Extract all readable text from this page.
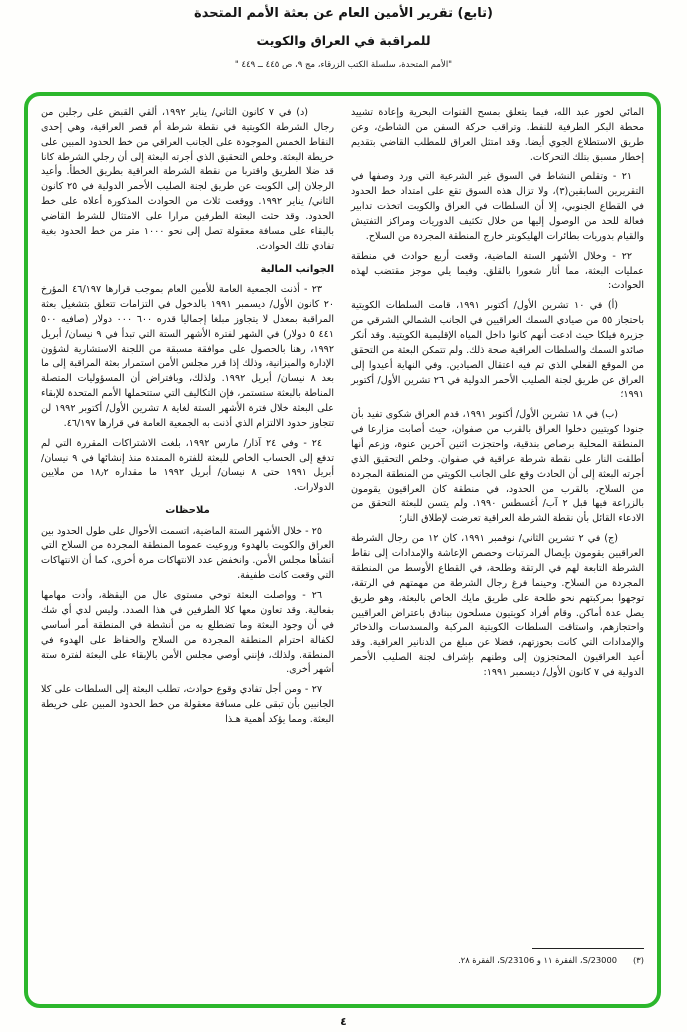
(تابع) تقرير الأمين العام عن بعثة الأمم المتحدة
للمراقبة في العراق والكويت
"الأمم المتحدة، سلسلة الكتب الزرقاء، مج ٩، ص ٤٤٥ ــ ٤٤٩ "

المائي لخور عبد الله، فيما يتعلق بمسح القنوات البحرية وإعادة تشييد محطة البكر الطرفية للنفط. وتراقب حركة السفن من الشاطئ، وعن طريق الاستطلاع الجوي أيضا. وقد امتثل العراق للمطلب القاضي بتقديم إخطار مسبق بتلك التحركات.

٢١ - وتقلص النشاط في السوق غير الشرعية التي ورد وصفها في التقريرين السابقين(٣)، ولا تزال هذه السوق تقع على امتداد خط الحدود في القطاع الجنوبي، إلا أن السلطات في العراق والكويت اتخذت تدابير فعالة للحد من الوصول إليها من خلال تكثيف الدوريات ومراكز التفتيش والقيام بدوريات بطائرات الهليكوبتر خارج المنطقة المجردة من السلاح.

٢٢ - وخلال الأشهر الستة الماضية، وقعت أربع حوادث في منطقة عمليات البعثة، مما أثار شعورا بالقلق. وفيما يلي موجز مقتضب لهذه الحوادث:

(أ) في ١٠ تشرين الأول/ أكتوبر ١٩٩١، قامت السلطات الكويتية باحتجاز ٥٥ من صيادي السمك العراقيين في الجانب الشمالي الشرقي من جزيرة فيلكا حيث ادعت أنهم كانوا داخل المياه الإقليمية الكويتية. وقد أنكر صائدو السمك والسلطات العراقية صحة ذلك. ولم تتمكن البعثة من التحقق من الموقع الفعلي الذي تم فيه اعتقال الصيادين. وفي النهاية أعيدوا إلى العراق عن طريق لجنة الصليب الأحمر الدولية في ٢٦ تشرين الأول/ أكتوبر ١٩٩١؛

(ب) في ١٨ تشرين الأول/ أكتوبر ١٩٩١، قدم العراق شكوى تفيد بأن جنودا كويتيين دخلوا العراق بالقرب من صفوان، حيث أصابت مزارعا في المنطقة المحلية برصاص بندقية، واحتجزت اثنين آخرين عنوة، وزعم أنها أطلقت النار على نقطة شرطة عراقية في صفوان. وخلص التحقيق الذي أجرته البعثة إلى أن الحادث وقع على الجانب الكويتي من المنطقة المجردة من السلاح، بالقرب من الحدود، في منطقة كان العراقيون يقومون بالزراعة فيها قبل ٢ آب/ أغسطس ١٩٩٠. ولم يتسن للبعثة التحقق من الادعاء القائل بأن نقطة الشرطة العراقية تعرضت لإطلاق النار؛

(ج) في ٢ تشرين الثاني/ نوفمبر ١٩٩١، كان ١٢ من رجال الشرطة العراقيين يقومون بإيصال المرتبات وحصص الإعاشة والإمدادات إلى نقاط الشرطة التابعة لهم في الرتقة وطلحة، في القطاع الأوسط من المنطقة المجردة من السلاح. وحينما فرغ رجال الشرطة من مهمتهم في الرتقة، توجهوا بمركبتهم نحو طلحة على طريق مايك الخاص بالبعثة، وهو طريق يصل عدة أماكن. وقام أفراد كويتيون مسلحون ببنادق باعتراض العراقيين واحتجازهم، واستاقت السلطات الكويتية المركبة والمسدسات والذخائر والإمدادات التي كانت بحوزتهم، فضلا عن مبلغ من الدنانير العراقية. وقد أعيد العراقيون المحتجزون إلى وطنهم بإشراف لجنة الصليب الأحمر الدولية في ٧ كانون الأول/ ديسمبر ١٩٩١:

(٣)
S/23000، الفقرة ١١ و S/23106، الفقرة ٢٨.

(د) في ٧ كانون الثاني/ يناير ١٩٩٢، ألقي القبض على رجلين من رجال الشرطة الكويتية في نقطة شرطة أم قصر العراقية، وهي إحدى النقاط الخمس الموجودة على الجانب العراقي من خط الحدود المبين على خريطة البعثة. وخلص التحقيق الذي أجرته البعثة إلى أن رجلي الشرطة كانا قد ضلا الطريق واقتربا من نقطة الشرطة العراقية بطريق الخطأ. وأعيد الرجلان إلى الكويت عن طريق لجنة الصليب الأحمر الدولية في ٢٥ كانون الثاني/ يناير ١٩٩٢. ووقعت ثلاث من الحوادث المذكورة أعلاه على خط الحدود. وقد حثت البعثة الطرفين مرارا على الامتثال للشرط القاضي بالبقاء على مسافة معقولة تصل إلى نحو ١٠٠٠ متر من خط الحدود بغية تفادي تلك الحوادث.

الجوانب المالية

٢٣ - أذنت الجمعية العامة للأمين العام بموجب قرارها ٤٦/١٩٧ المؤرخ ٢٠ كانون الأول/ ديسمبر ١٩٩١ بالدخول في التزامات تتعلق بتشغيل بعثة المراقبة بمعدل لا يتجاوز مبلغا إجماليا قدره ٦٠٠ ٠٠٠ دولار (صافيه ٥٠٠ ٤٤١ ٥ دولار) في الشهر لفترة الأشهر الستة التي تبدأ في ٩ نيسان/ أبريل ١٩٩٢، رهنا بالحصول على موافقة مسبقة من اللجنة الاستشارية لشؤون الإدارة والميزانية، وذلك إذا قرر مجلس الأمن استمرار بعثة المراقبة إلى ما بعد ٨ نيسان/ أبريل ١٩٩٢. ولذلك، وبافتراض أن المسؤوليات المتصلة المناطة بالبعثة ستستمر، فإن التكاليف التي ستتحملها الأمم المتحدة للإبقاء على البعثة خلال فترة الأشهر الستة لغاية ٨ تشرين الأول/ أكتوبر ١٩٩٢ لن تتجاوز حدود الالتزام الذي أذنت به الجمعية العامة في قرارها ٤٦/١٩٧.

٢٤ - وفي ٢٤ آذار/ مارس ١٩٩٢، بلغت الاشتراكات المقررة التي لم تدفع إلى الحساب الخاص للبعثة للفترة الممتدة منذ إنشائها في ٩ نيسان/ أبريل ١٩٩١ حتى ٨ نيسان/ أبريل ١٩٩٢ ما مقداره ١٨٫٢ من ملايين الدولارات.

ملاحظات

٢٥ - خلال الأشهر الستة الماضية، اتسمت الأحوال على طول الحدود بين العراق والكويت بالهدوء وروعيت عموما المنطقة المجردة من السلاح التي أنشأها مجلس الأمن. وانخفض عدد الانتهاكات مرة أخرى، كما أن الانتهاكات التي وقعت كانت طفيفة.

٢٦ - وواصلت البعثة توخي مستوى عال من اليقظة، وأدت مهامها بفعالية. وقد تعاون معها كلا الطرفين في هذا الصدد. وليس لدي أي شك في أن وجود البعثة وما تضطلع به من أنشطة في المنطقة أمر أساسي لكفالة احترام المنطقة المجردة من السلاح والحفاظ على الهدوء في المنطقة. ولذلك، فإنني أوصي مجلس الأمن بالإبقاء على البعثة لفترة ستة أشهر أخرى.

٢٧ - ومن أجل تفادي وقوع حوادث، تطلب البعثة إلى السلطات على كلا الجانبين بأن تبقى على مسافة معقولة من خط الحدود المبين على خريطة البعثة. ومما يؤكد أهمية هـذا

٤
